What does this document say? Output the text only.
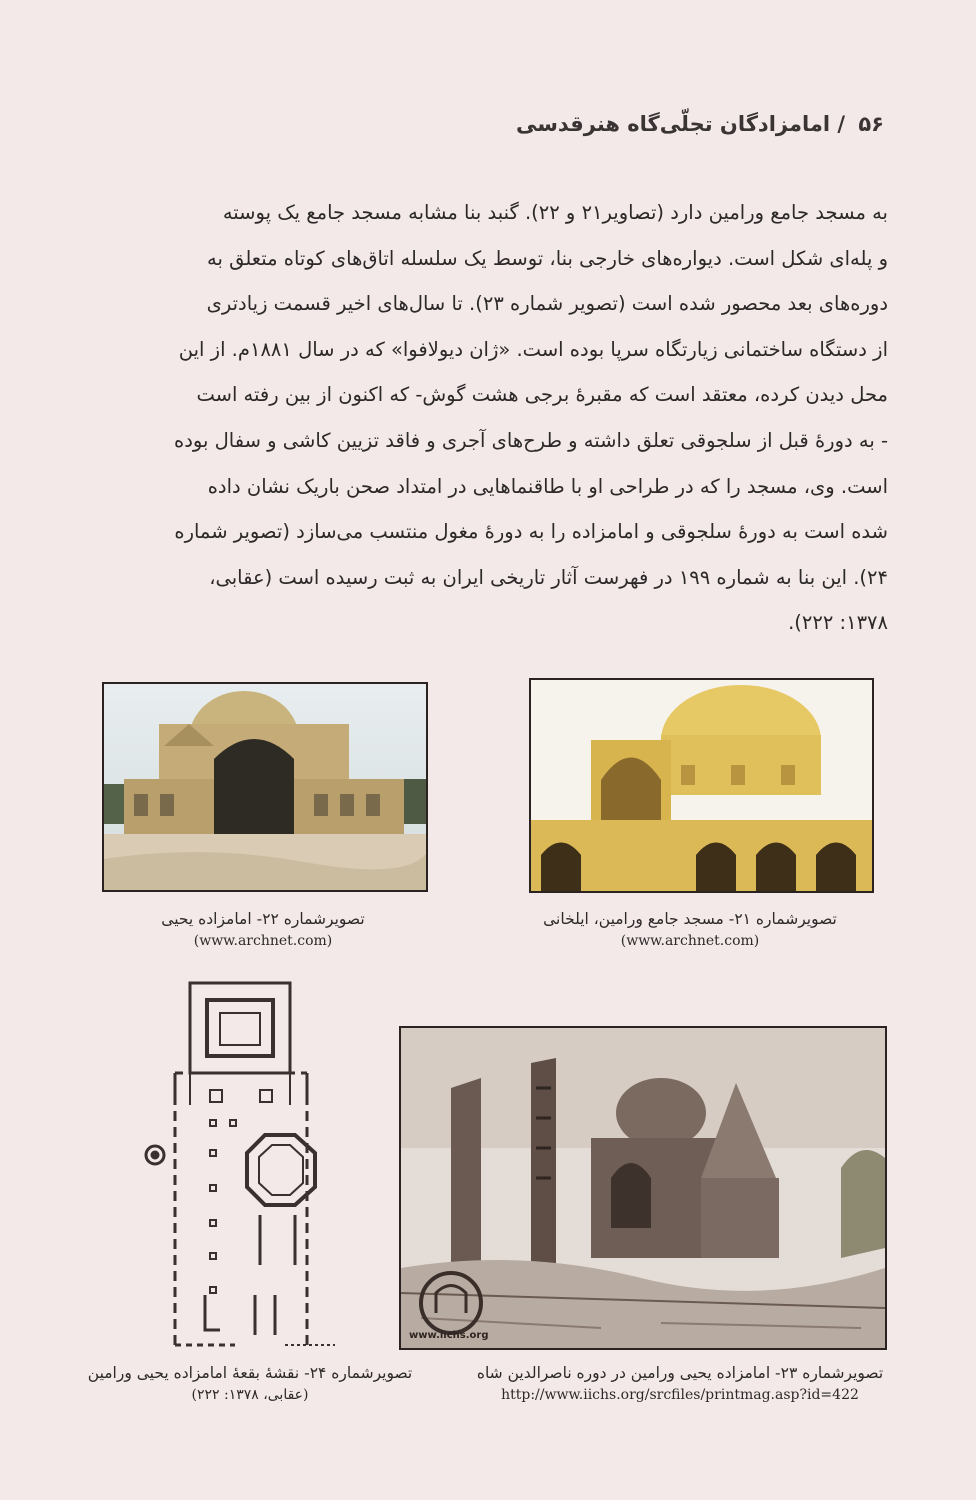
۵۶ / امامزادگان تجلّی‌گاه هنرقدسی
به مسجد جامع ورامین دارد (تصاویر۲۱ و ۲۲). گنبد بنا مشابه مسجد جامع یک پوسته
و پله‌ای شکل است. دیواره‌های خارجی بنا، توسط یک سلسله اتاق‌های کوتاه متعلق به
دوره‌های بعد محصور شده است (تصویر شماره ۲۳). تا سال‌های اخیر قسمت زیادتری
از دستگاه ساختمانی زیارتگاه سرپا بوده است. «ژان دیولافوا» که در سال ۱۸۸۱م. از این
محل دیدن کرده، معتقد است که مقبرهٔ برجی هشت گوش- که اکنون از بین رفته است
- به دورهٔ قبل از سلجوقی تعلق داشته و طرح‌های آجری و فاقد تزیین کاشی و سفال بوده
است. وی، مسجد را که در طراحی او با طاقنماهایی در امتداد صحن باریک نشان داده
شده است به دورهٔ سلجوقی و امامزاده را به دورهٔ مغول منتسب می‌سازد (تصویر شماره
۲۴). این بنا به شماره ۱۹۹ در فهرست آثار تاریخی ایران به ثبت رسیده است (عقابی،
۱۳۷۸: ۲۲۲).
تصویرشماره ۲۲- امامزاده یحیی
(www.archnet.com)
تصویرشماره ۲۱- مسجد جامع ورامین، ایلخانی
(www.archnet.com)
www.iichs.org
تصویرشماره ۲۴- نقشهٔ بقعهٔ امامزاده یحیی ورامین
(عقابی، ۱۳۷۸: ۲۲۲)
تصویرشماره ۲۳- امامزاده یحیی ورامین در دوره ناصرالدین شاه
http://www.iichs.org/srcfiles/printmag.asp?id=422
